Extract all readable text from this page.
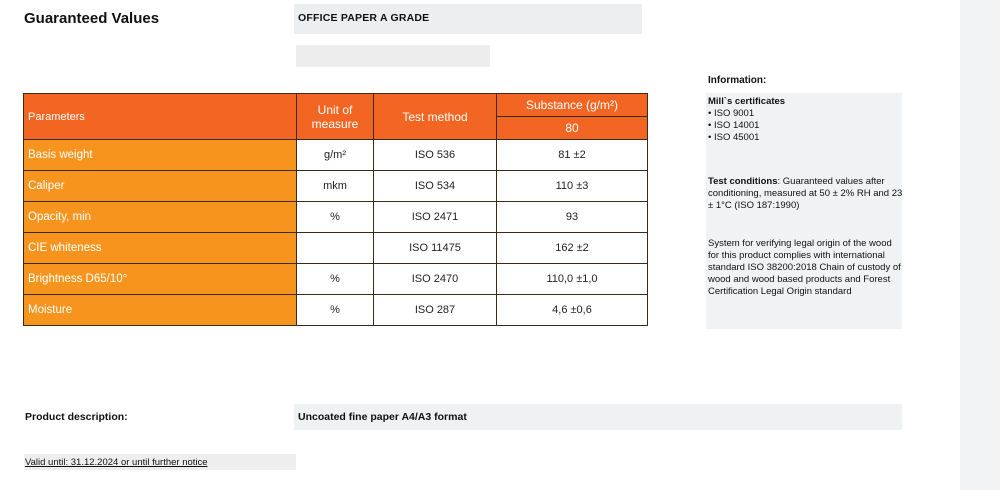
Guaranteed Values	OFFICE PAPER A GRADE
Parameters	Unit of measure	Test method	Substance (g/m²)
			80
Basis weight	g/m²	ISO 536	81 ±2
Caliper	mkm	ISO 534	110 ±3
Opacity, min	%	ISO 2471	93
CIE whiteness		ISO 11475	162 ±2
Brightness D65/10°	%	ISO 2470	110,0 ±1,0
Moisture	%	ISO 287	4,6 ±0,6
Information:
Mill`s certificates
• ISO 9001
• ISO 14001
• ISO 45001
Test conditions: Guaranteed values after conditioning, measured at 50 ± 2% RH and 23 ± 1°C (ISO 187:1990)
System for verifying legal origin of the wood for this product complies with international standard ISO 38200:2018 Chain of custody of wood and wood based products and Forest Certification Legal Origin standard
Product description:	Uncoated fine paper A4/A3 format
Valid until: 31.12.2024 or until further notice
